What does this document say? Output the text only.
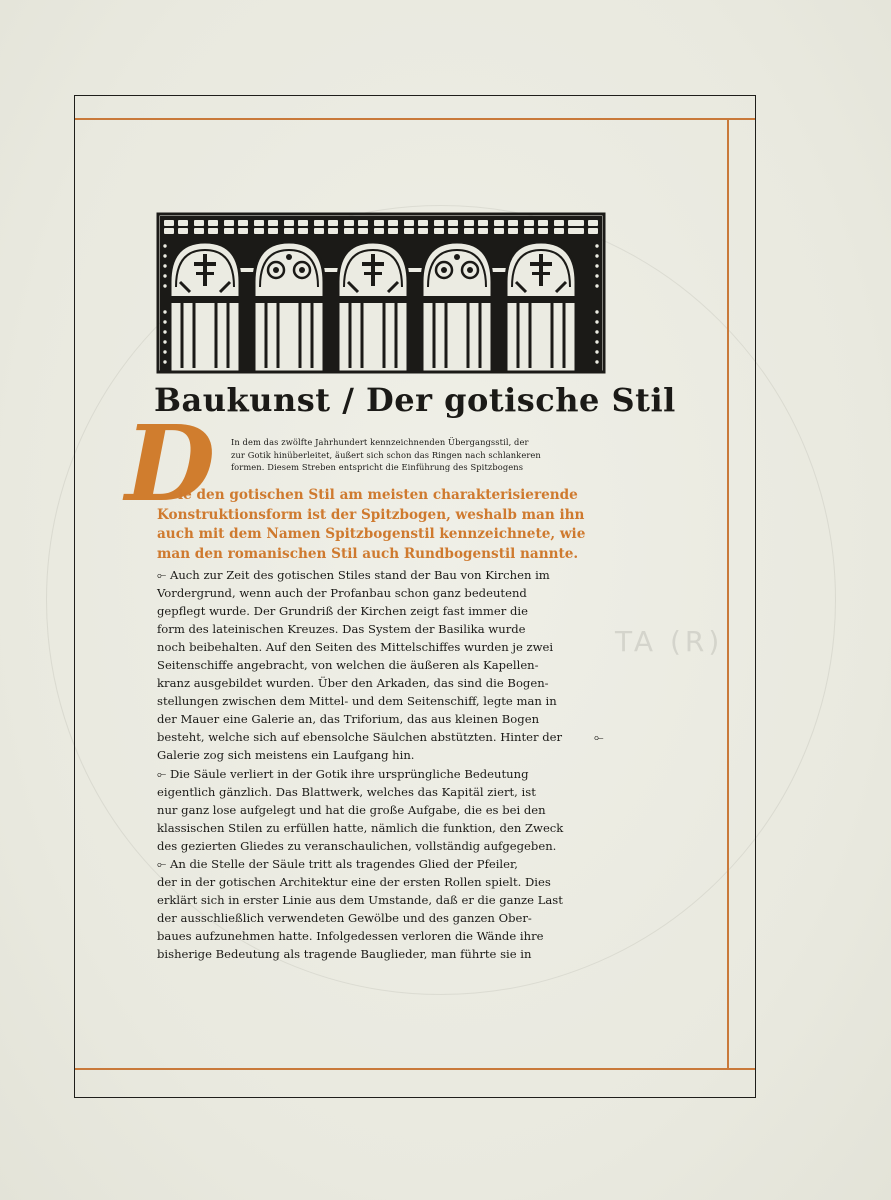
TA (R)
Baukunst / Der gotische Stil
D In dem das zwölfte Jahrhundert kennzeichnenden Übergangsstil, der
zur Gotik hinüberleitet, äußert sich schon das Ringen nach schlankeren
formen. Diesem Streben entspricht die Einführung des Spitzbogens

ie den gotischen Stil am meisten charakterisierende
Konstruktionsform ist der Spitzbogen, weshalb man ihn
auch mit dem Namen Spitzbogenstil kennzeichnete, wie
man den romanischen Stil auch Rundbogenstil nannte.

⟜ Auch zur Zeit des gotischen Stiles stand der Bau von Kirchen im
Vordergrund, wenn auch der Profanbau schon ganz bedeutend
gepflegt wurde. Der Grundriß der Kirchen zeigt fast immer die
form des lateinischen Kreuzes. Das System der Basilika wurde
noch beibehalten. Auf den Seiten des Mittelschiffes wurden je zwei
Seitenschiffe angebracht, von welchen die äußeren als Kapellen-
kranz ausgebildet wurden. Über den Arkaden, das sind die Bogen-
stellungen zwischen dem Mittel- und dem Seitenschiff, legte man in
der Mauer eine Galerie an, das Triforium, das aus kleinen Bogen
besteht, welche sich auf ebensolche Säulchen abstützten. Hinter der
Galerie zog sich meistens ein Laufgang hin.
⟜ Die Säule verliert in der Gotik ihre ursprüngliche Bedeutung
eigentlich gänzlich. Das Blattwerk, welches das Kapitäl ziert, ist
nur ganz lose aufgelegt und hat die große Aufgabe, die es bei den
klassischen Stilen zu erfüllen hatte, nämlich die funktion, den Zweck
des gezierten Gliedes zu veranschaulichen, vollständig aufgegeben.
⟜ An die Stelle der Säule tritt als tragendes Glied der Pfeiler,
der in der gotischen Architektur eine der ersten Rollen spielt. Dies
erklärt sich in erster Linie aus dem Umstande, daß er die ganze Last
der ausschließlich verwendeten Gewölbe und des ganzen Ober-
baues aufzunehmen hatte. Infolgedessen verloren die Wände ihre
bisherige Bedeutung als tragende Bauglieder, man führte sie in

⟜
